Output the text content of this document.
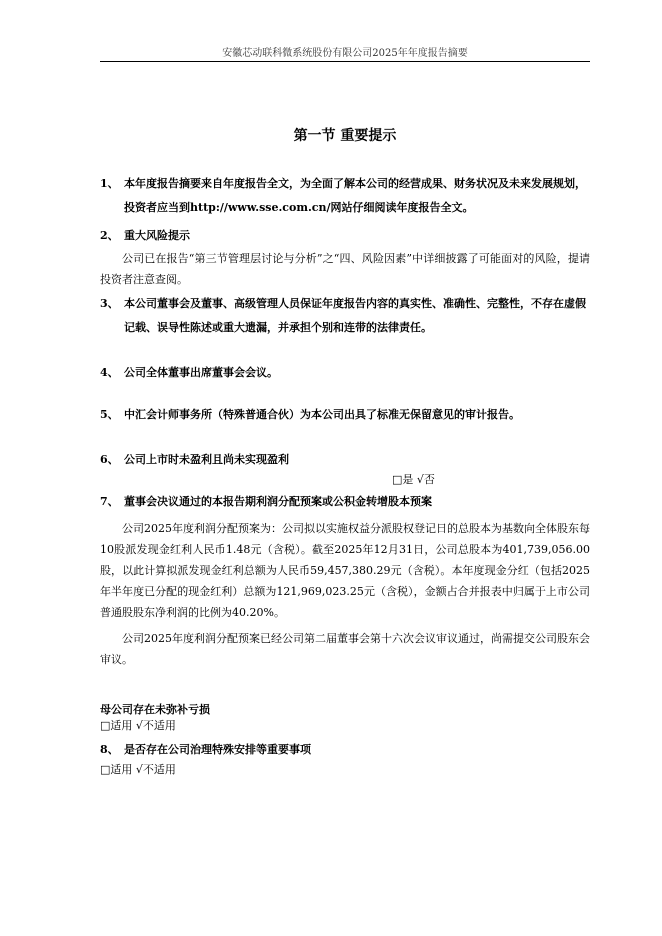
安徽芯动联科微系统股份有限公司2025年年度报告摘要
第一节 重要提示
1、 本年度报告摘要来自年度报告全文，为全面了解本公司的经营成果、财务状况及未来发展规划，投资者应当到http://www.sse.com.cn/网站仔细阅读年度报告全文。
2、 重大风险提示
公司已在报告“第三节管理层讨论与分析”之“四、风险因素”中详细披露了可能面对的风险，提请投资者注意查阅。
3、 本公司董事会及董事、高级管理人员保证年度报告内容的真实性、准确性、完整性，不存在虚假记载、误导性陈述或重大遗漏，并承担个别和连带的法律责任。
4、 公司全体董事出席董事会会议。
5、 中汇会计师事务所（特殊普通合伙）为本公司出具了标准无保留意见的审计报告。
6、 公司上市时未盈利且尚未实现盈利
□是 √否
7、 董事会决议通过的本报告期利润分配预案或公积金转增股本预案
公司2025年度利润分配预案为：公司拟以实施权益分派股权登记日的总股本为基数向全体股东每10股派发现金红利人民币1.48元（含税）。截至2025年12月31日，公司总股本为401,739,056.00股，以此计算拟派发现金红利总额为人民币59,457,380.29元（含税）。本年度现金分红（包括2025年半年度已分配的现金红利）总额为121,969,023.25元（含税），金额占合并报表中归属于上市公司普通股股东净利润的比例为40.20%。
公司2025年度利润分配预案已经公司第二届董事会第十六次会议审议通过，尚需提交公司股东会审议。
母公司存在未弥补亏损
□适用 √不适用
8、 是否存在公司治理特殊安排等重要事项
□适用 √不适用
